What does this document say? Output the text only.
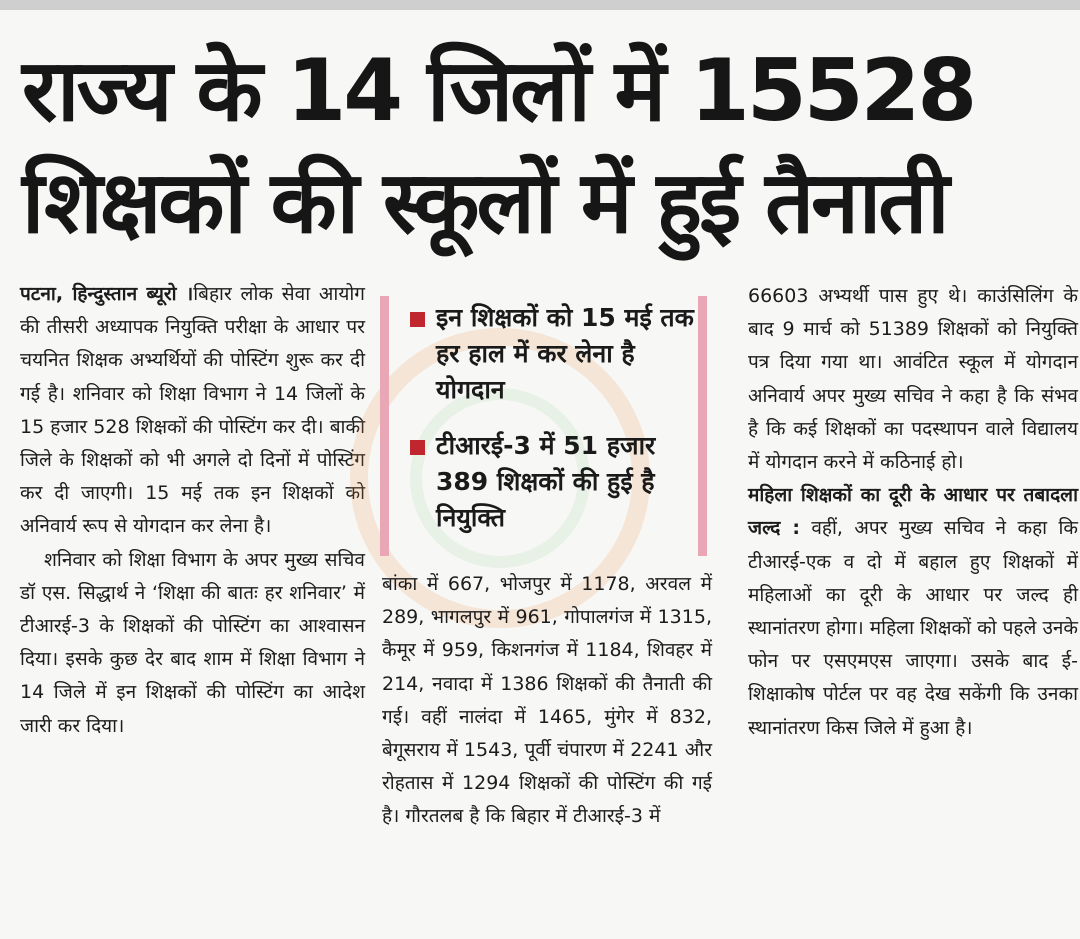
राज्य के 14 जिलों में 15528
शिक्षकों की स्कूलों में हुई तैनाती

पटना, हिन्दुस्तान ब्यूरो ।बिहार लोक सेवा आयोग की तीसरी अध्यापक नियुक्ति परीक्षा के आधार पर चयनित शिक्षक अभ्यर्थियों की पोस्टिंग शुरू कर दी गई है। शनिवार को शिक्षा विभाग ने 14 जिलों के 15 हजार 528 शिक्षकों की पोस्टिंग कर दी। बाकी जिले के शिक्षकों को भी अगले दो दिनों में पोस्टिंग कर दी जाएगी। 15 मई तक इन शिक्षकों को अनिवार्य रूप से योगदान कर लेना है।

शनिवार को शिक्षा विभाग के अपर मुख्य सचिव डॉ एस. सिद्धार्थ ने ‘शिक्षा की बातः हर शनिवार’ में टीआरई-3 के शिक्षकों की पोस्टिंग का आश्वासन दिया। इसके कुछ देर बाद शाम में शिक्षा विभाग ने 14 जिले में इन शिक्षकों की पोस्टिंग का आदेश जारी कर दिया।

इन शिक्षकों को 15 मई तक हर हाल में कर लेना है योगदान
टीआरई-3 में 51 हजार 389 शिक्षकों की हुई है नियुक्ति

बांका में 667, भोजपुर में 1178, अरवल में 289, भागलपुर में 961, गोपालगंज में 1315, कैमूर में 959, किशनगंज में 1184, शिवहर में 214, नवादा में 1386 शिक्षकों की तैनाती की गई। वहीं नालंदा में 1465, मुंगेर में 832, बेगूसराय में 1543, पूर्वी चंपारण में 2241 और रोहतास में 1294 शिक्षकों की पोस्टिंग की गई है। गौरतलब है कि बिहार में टीआरई-3 में

66603 अभ्यर्थी पास हुए थे। काउंसिलिंग के बाद 9 मार्च को 51389 शिक्षकों को नियुक्ति पत्र दिया गया था। आवंटित स्कूल में योगदान अनिवार्य अपर मुख्य सचिव ने कहा है कि संभव है कि कई शिक्षकों का पदस्थापन वाले विद्यालय में योगदान करने में कठिनाई हो।

महिला शिक्षकों का दूरी के आधार पर तबादला जल्द : वहीं, अपर मुख्य सचिव ने कहा कि टीआरई-एक व दो में बहाल हुए शिक्षकों में महिलाओं का दूरी के आधार पर जल्द ही स्थानांतरण होगा। महिला शिक्षकों को पहले उनके फोन पर एसएमएस जाएगा। उसके बाद ई-शिक्षाकोष पोर्टल पर वह देख सकेंगी कि उनका स्थानांतरण किस जिले में हुआ है।
